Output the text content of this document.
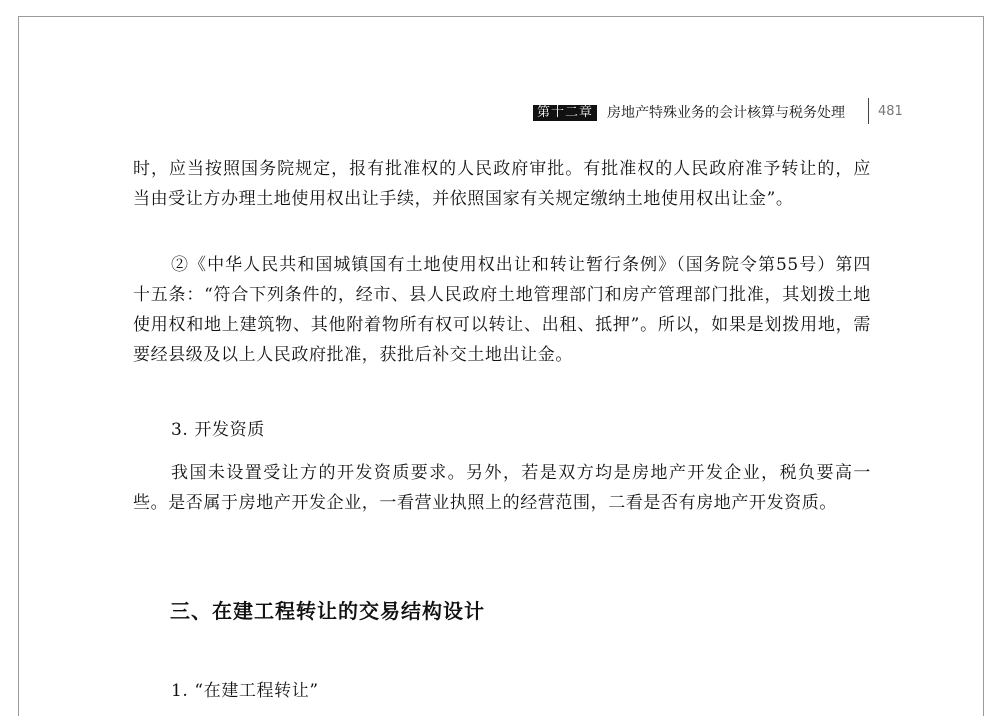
第十二章 房地产特殊业务的会计核算与税务处理	481

时，应当按照国务院规定，报有批准权的人民政府审批。有批准权的人民政府准予转让的，应当由受让方办理土地使用权出让手续，并依照国家有关规定缴纳土地使用权出让金”。

②《中华人民共和国城镇国有土地使用权出让和转让暂行条例》（国务院令第55号）第四十五条：“符合下列条件的，经市、县人民政府土地管理部门和房产管理部门批准，其划拨土地使用权和地上建筑物、其他附着物所有权可以转让、出租、抵押”。所以，如果是划拨用地，需要经县级及以上人民政府批准，获批后补交土地出让金。

3. 开发资质

我国未设置受让方的开发资质要求。另外，若是双方均是房地产开发企业，税负要高一些。是否属于房地产开发企业，一看营业执照上的经营范围，二看是否有房地产开发资质。

三、在建工程转让的交易结构设计

1. “在建工程转让”
